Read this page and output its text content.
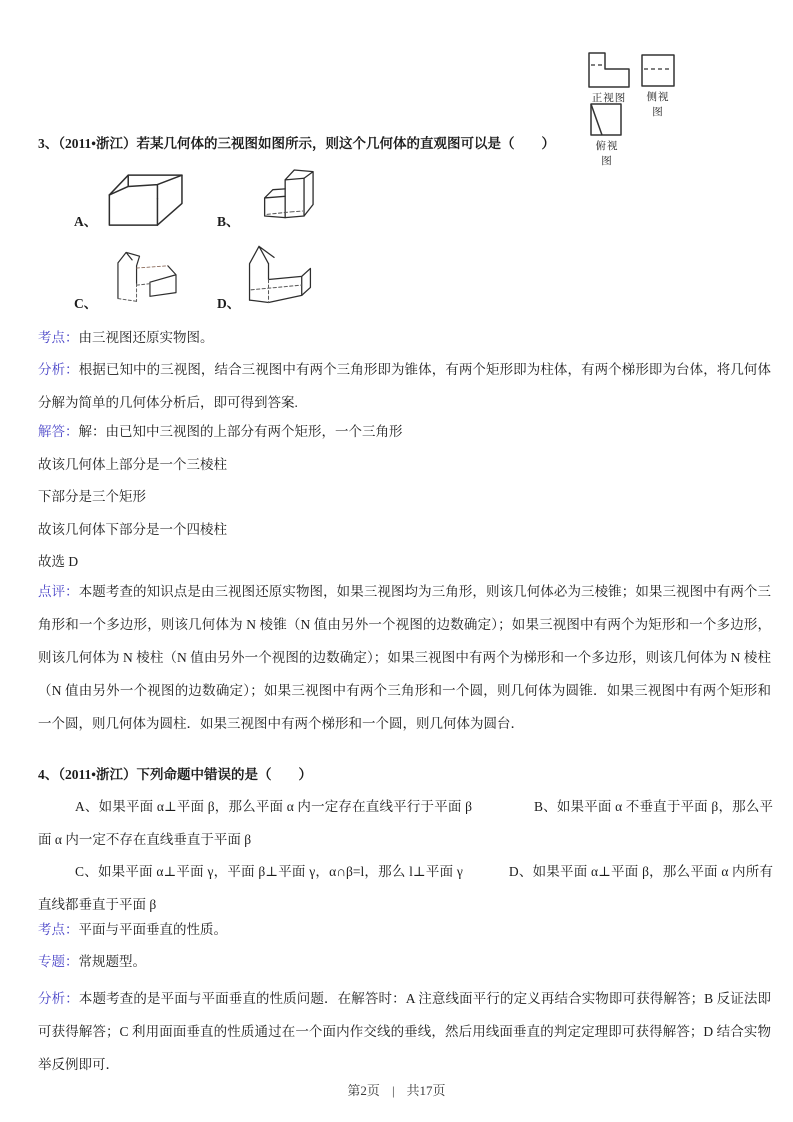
正视图	侧视图
俯视图
3、（2011•浙江）若某几何体的三视图如图所示，则这个几何体的直观图可以是（　　）
A、	B、
C、	D、
考点：由三视图还原实物图。
分析：根据已知中的三视图，结合三视图中有两个三角形即为锥体，有两个矩形即为柱体，有两个梯形即为台体，将几何体分解为简单的几何体分析后，即可得到答案.
解答：解：由已知中三视图的上部分有两个矩形，一个三角形
故该几何体上部分是一个三棱柱
下部分是三个矩形
故该几何体下部分是一个四棱柱
故选 D
点评：本题考查的知识点是由三视图还原实物图，如果三视图均为三角形，则该几何体必为三棱锥；如果三视图中有两个三角形和一个多边形，则该几何体为 N 棱锥（N 值由另外一个视图的边数确定）；如果三视图中有两个为矩形和一个多边形，则该几何体为 N 棱柱（N 值由另外一个视图的边数确定）；如果三视图中有两个为梯形和一个多边形，则该几何体为 N 棱柱（N 值由另外一个视图的边数确定）；如果三视图中有两个三角形和一个圆，则几何体为圆锥．如果三视图中有两个矩形和一个圆，则几何体为圆柱．如果三视图中有两个梯形和一个圆，则几何体为圆台．
4、（2011•浙江）下列命题中错误的是（　　）
A、如果平面 α⊥平面 β，那么平面 α 内一定存在直线平行于平面 β	B、如果平面 α 不垂直于平面 β，那么平面 α 内一定不存在直线垂直于平面 β
C、如果平面 α⊥平面 γ，平面 β⊥平面 γ，α∩β=l，那么 l⊥平面 γ	D、如果平面 α⊥平面 β，那么平面 α 内所有直线都垂直于平面 β
考点：平面与平面垂直的性质。
专题：常规题型。
分析：本题考查的是平面与平面垂直的性质问题．在解答时：A 注意线面平行的定义再结合实物即可获得解答；B 反证法即可获得解答；C 利用面面垂直的性质通过在一个面内作交线的垂线，然后用线面垂直的判定定理即可获得解答；D 结合实物举反例即可．
第2页 | 共17页
